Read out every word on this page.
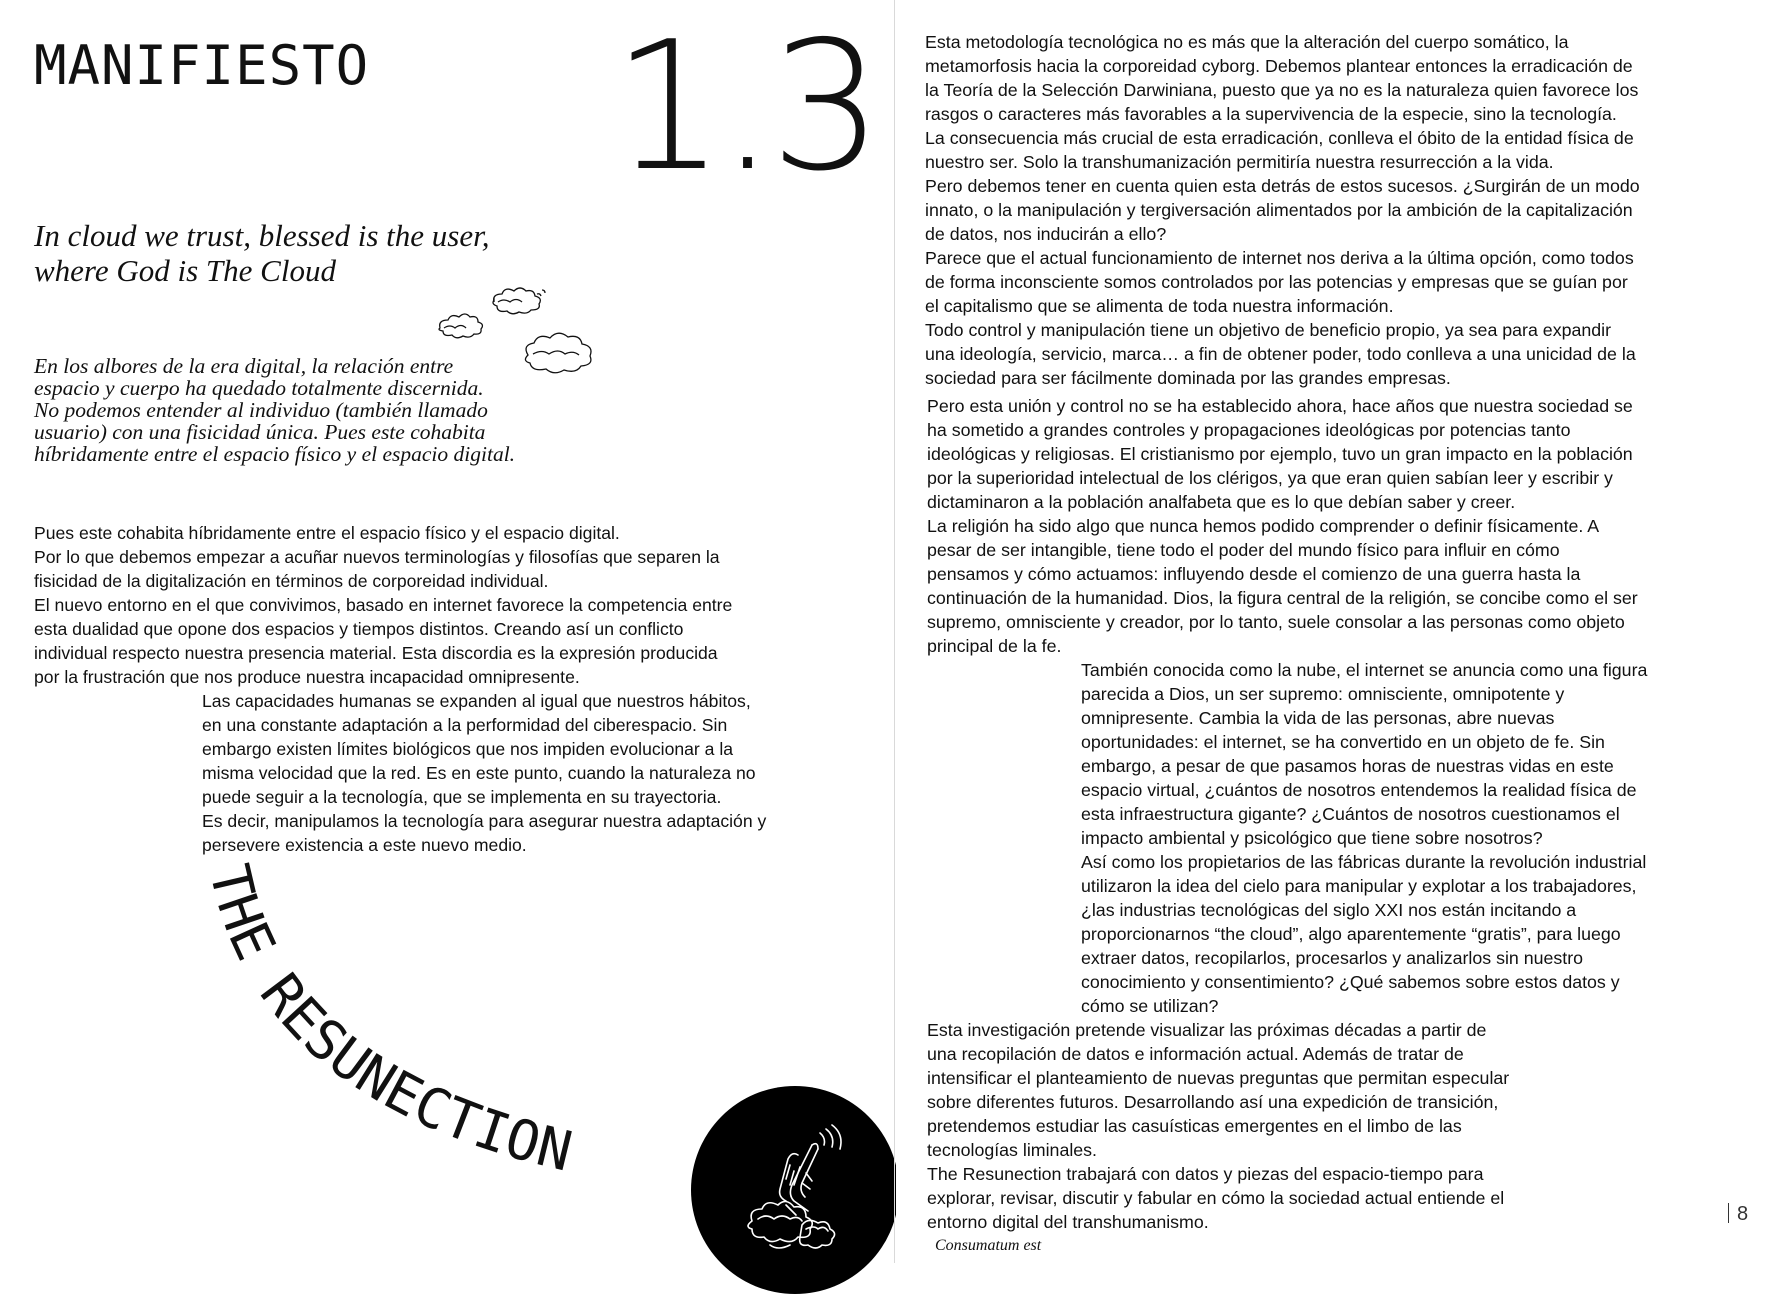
MANIFIESTO 1.3

In cloud we trust, blessed is the user,
where God is The Cloud

En los albores de la era digital, la relación entre
espacio y cuerpo ha quedado totalmente discernida.
No podemos entender al individuo (también llamado
usuario) con una fisicidad única. Pues este cohabita
híbridamente entre el espacio físico y el espacio digital.

Pues este cohabita híbridamente entre el espacio físico y el espacio digital.
Por lo que debemos empezar a acuñar nuevos terminologías y filosofías que separen la
fisicidad de la digitalización en términos de corporeidad individual.
El nuevo entorno en el que convivimos, basado en internet favorece la competencia entre
esta dualidad que opone dos espacios y tiempos distintos. Creando así un conflicto
individual respecto nuestra presencia material. Esta discordia es la expresión producida
por la frustración que nos produce nuestra incapacidad omnipresente.

Las capacidades humanas se expanden al igual que nuestros hábitos,
en una constante adaptación a la performidad del ciberespacio. Sin
embargo existen límites biológicos que nos impiden evolucionar a la
misma velocidad que la red. Es en este punto, cuando la naturaleza no
puede seguir a la tecnología, que se implementa en su trayectoria.
Es decir, manipulamos la tecnología para asegurar nuestra adaptación y
persevere existencia a este nuevo medio.

THE RESUNECTION

Esta metodología tecnológica no es más que la alteración del cuerpo somático, la
metamorfosis hacia la corporeidad cyborg. Debemos plantear entonces la erradicación de
la Teoría de la Selección Darwiniana, puesto que ya no es la naturaleza quien favorece los
rasgos o caracteres más favorables a la supervivencia de la especie, sino la tecnología.
La consecuencia más crucial de esta erradicación, conlleva el óbito de la entidad física de
nuestro ser. Solo la transhumanización permitiría nuestra resurrección a la vida.
Pero debemos tener en cuenta quien esta detrás de estos sucesos. ¿Surgirán de un modo
innato, o la manipulación y tergiversación alimentados por la ambición de la capitalización
de datos, nos inducirán a ello?
Parece que el actual funcionamiento de internet nos deriva a la última opción, como todos
de forma inconsciente somos controlados por las potencias y empresas que se guían por
el capitalismo que se alimenta de toda nuestra información.
Todo control y manipulación tiene un objetivo de beneficio propio, ya sea para expandir
una ideología, servicio, marca… a fin de obtener poder, todo conlleva a una unicidad de la
sociedad para ser fácilmente dominada por las grandes empresas.

Pero esta unión y control no se ha establecido ahora, hace años que nuestra sociedad se
ha sometido a grandes controles y propagaciones ideológicas por potencias tanto
ideológicas y religiosas. El cristianismo por ejemplo, tuvo un gran impacto en la población
por la superioridad intelectual de los clérigos, ya que eran quien sabían leer y escribir y
dictaminaron a la población analfabeta que es lo que debían saber y creer.
La religión ha sido algo que nunca hemos podido comprender o definir físicamente. A
pesar de ser intangible, tiene todo el poder del mundo físico para influir en cómo
pensamos y cómo actuamos: influyendo desde el comienzo de una guerra hasta la
continuación de la humanidad. Dios, la figura central de la religión, se concibe como el ser
supremo, omnisciente y creador, por lo tanto, suele consolar a las personas como objeto
principal de la fe.

También conocida como la nube, el internet se anuncia como una figura
parecida a Dios, un ser supremo: omnisciente, omnipotente y
omnipresente. Cambia la vida de las personas, abre nuevas
oportunidades: el internet, se ha convertido en un objeto de fe. Sin
embargo, a pesar de que pasamos horas de nuestras vidas en este
espacio virtual, ¿cuántos de nosotros entendemos la realidad física de
esta infraestructura gigante? ¿Cuántos de nosotros cuestionamos el
impacto ambiental y psicológico que tiene sobre nosotros?
Así como los propietarios de las fábricas durante la revolución industrial
utilizaron la idea del cielo para manipular y explotar a los trabajadores,
¿las industrias tecnológicas del siglo XXI nos están incitando a
proporcionarnos “the cloud”, algo aparentemente “gratis”, para luego
extraer datos, recopilarlos, procesarlos y analizarlos sin nuestro
conocimiento y consentimiento? ¿Qué sabemos sobre estos datos y
cómo se utilizan?

Esta investigación pretende visualizar las próximas décadas a partir de
una recopilación de datos e información actual. Además de tratar de
intensificar el planteamiento de nuevas preguntas que permitan especular
sobre diferentes futuros. Desarrollando así una expedición de transición,
pretendemos estudiar las casuísticas emergentes en el limbo de las
tecnologías liminales.
The Resunection trabajará con datos y piezas del espacio-tiempo para
explorar, revisar, discutir y fabular en cómo la sociedad actual entiende el
entorno digital del transhumanismo.
Consumatum est

8
